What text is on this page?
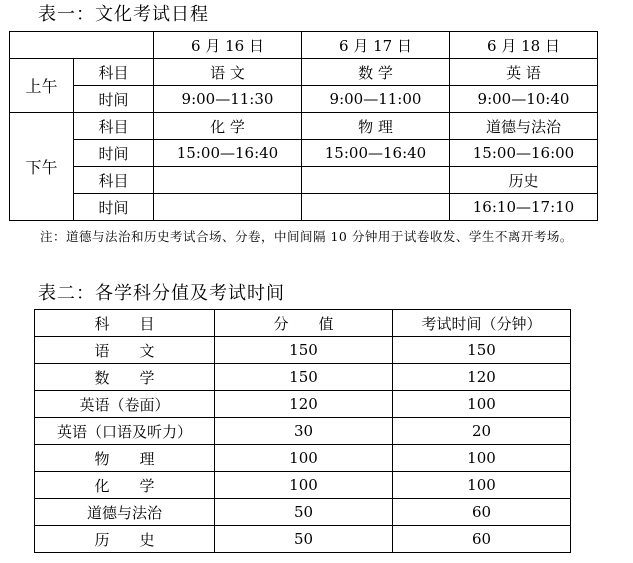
表一：文化考试日程
		6 月 16 日	6 月 17 日	6 月 18 日
上午	科目	语 文	数 学	英 语
	时间	9:00—11:30	9:00—11:00	9:00—10:40
下午	科目	化 学	物 理	道德与法治
	时间	15:00—16:40	15:00—16:40	15:00—16:00
	科目			历史
	时间			16:10—17:10
注：道德与法治和历史考试合场、分卷，中间间隔 10 分钟用于试卷收发、学生不离开考场。
表二：各学科分值及考试时间
科　　目	分　　值	考试时间（分钟）
语　　文	150	150
数　　学	150	120
英语（卷面）	120	100
英语（口语及听力）	30	20
物　　理	100	100
化　　学	100	100
道德与法治	50	60
历　　史	50	60
